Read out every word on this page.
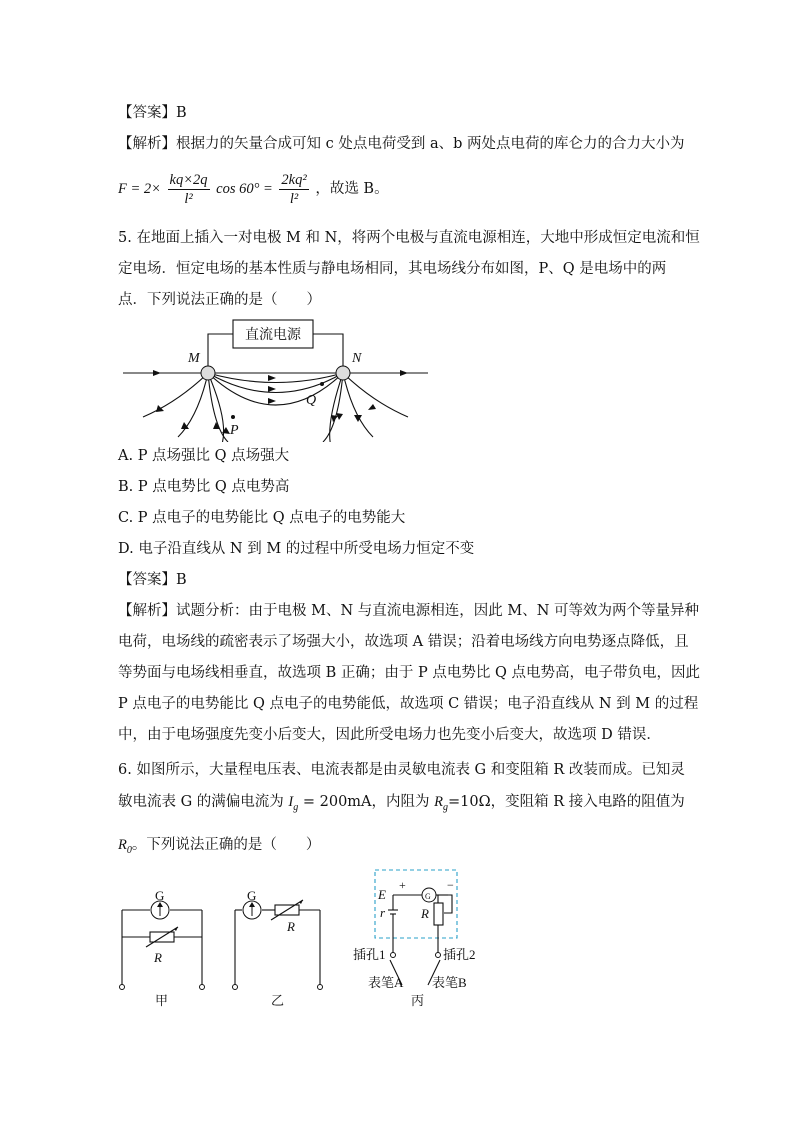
【答案】B
【解析】根据力的矢量合成可知 c 处点电荷受到 a、b 两处点电荷的库仑力的合力大小为
$F = 2\times \frac{kq\times 2q}{\text{l²}}$ $\cos 60^\circ = \frac{\text{2kq²}}{\text{l²}}$ ，故选 B。
5. 在地面上插入一对电极 M 和 N，将两个电极与直流电源相连，大地中形成恒定电流和恒
定电场．恒定电场的基本性质与静电场相同，其电场线分布如图，P、Q 是电场中的两
点．下列说法正确的是（　　）
直流电源
M	N
P
Q
A. P 点场强比 Q 点场强大
B. P 点电势比 Q 点电势高
C. P 点电子的电势能比 Q 点电子的电势能大
D. 电子沿直线从 N 到 M 的过程中所受电场力恒定不变
【答案】B
【解析】试题分析：由于电极 M、N 与直流电源相连，因此 M、N 可等效为两个等量异种
电荷，电场线的疏密表示了场强大小，故选项 A 错误；沿着电场线方向电势逐点降低，且
等势面与电场线相垂直，故选项 B 正确；由于 P 点电势比 Q 点电势高，电子带负电，因此
P 点电子的电势能比 Q 点电子的电势能低，故选项 C 错误；电子沿直线从 N 到 M 的过程
中，由于电场强度先变小后变大，因此所受电场力也先变小后变大，故选项 D 错误．
6. 如图所示，大量程电压表、电流表都是由灵敏电流表 G 和变阻箱 R 改装而成。已知灵
敏电流表 G 的满偏电流为 $I_g = 200mA$，内阻为 $R_g=10\Omega$，变阻箱 R 接入电路的阻值为
$R_0$。下列说法正确的是（　　）
G
R
甲
G
R
乙
G
+	−
E
r	R
插孔1	插孔2
表笔A 表笔B
丙
